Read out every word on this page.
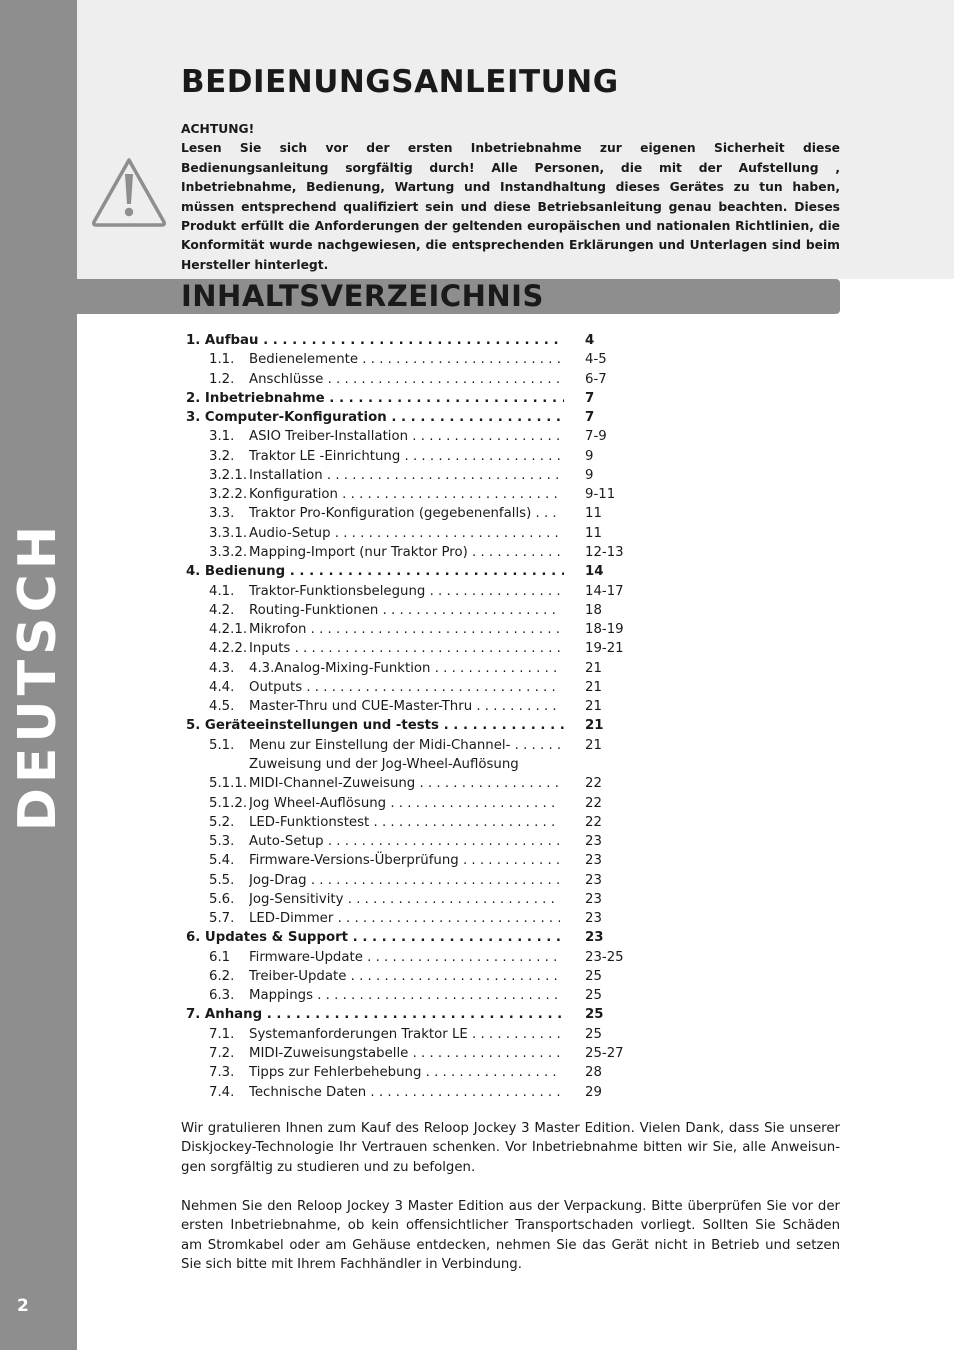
DEUTSCH
2
BEDIENUNGSANLEITUNG

ACHTUNG!

Lesen Sie sich vor der ersten Inbetriebnahme zur eigenen Sicherheit diese Bedienungsanleitung sorgfältig durch! Alle Personen, die mit der Aufstellung , Inbetriebnahme, Bedienung, Wartung und Instandhaltung dieses Gerätes zu tun haben, müssen entsprechend qualifiziert sein und diese Betriebsanleitung genau beachten. Dieses Produkt erfüllt die Anforderungen der geltenden europäischen und nationalen Richtlinien, die Konformität wurde nachgewiesen, die entsprechenden Erklärungen und Unterlagen sind beim Hersteller hinterlegt.

INHALTSVERZEICHNIS
1. Aufbau . . .	4
1.1. Bedienelemente . . .	4-5
1.2. Anschlüsse . . .	6-7
2. Inbetriebnahme . . .	7
3. Computer-Konfiguration . . .	7
3.1. ASIO Treiber-Installation . . .	7-9
3.2. Traktor LE -Einrichtung . . .	9
3.2.1. Installation . . .	9
3.2.2. Konfiguration . . .	9-11
3.3. Traktor Pro-Konfiguration (gegebenenfalls) . . .	11
3.3.1. Audio-Setup . . .	11
3.3.2. Mapping-Import (nur Traktor Pro) . . .	12-13
4. Bedienung . . .	14
4.1. Traktor-Funktionsbelegung . . .	14-17
4.2. Routing-Funktionen . . .	18
4.2.1. Mikrofon . . .	18-19
4.2.2. Inputs . . .	19-21
4.3. 4.3.Analog-Mixing-Funktion . . .	21
4.4. Outputs . . .	21
4.5. Master-Thru und CUE-Master-Thru . . .	21
5. Geräteeinstellungen und -tests . . .	21
5.1. Menu zur Einstellung der Midi-Channel- . . .	21
Zuweisung und der Jog-Wheel-Auflösung
5.1.1. MIDI-Channel-Zuweisung . . .	22
5.1.2. Jog Wheel-Auflösung . . .	22
5.2. LED-Funktionstest . . .	22
5.3. Auto-Setup . . .	23
5.4. Firmware-Versions-Überprüfung . . .	23
5.5. Jog-Drag . . .	23
5.6. Jog-Sensitivity . . .	23
5.7. LED-Dimmer . . .	23
6. Updates & Support . . .	23
6.1 Firmware-Update . . .	23-25
6.2. Treiber-Update . . .	25
6.3. Mappings . . .	25
7. Anhang . . .	25
7.1. Systemanforderungen Traktor LE . . .	25
7.2. MIDI-Zuweisungstabelle . . .	25-27
7.3. Tipps zur Fehlerbehebung . . .	28
7.4. Technische Daten . . .	29

Wir gratulieren Ihnen zum Kauf des Reloop Jockey 3 Master Edition. Vielen Dank, dass Sie unserer Diskjockey-Technologie Ihr Vertrauen schenken. Vor Inbetriebnahme bitten wir Sie, alle Anweisungen sorgfältig zu studieren und zu befolgen.

Nehmen Sie den Reloop Jockey 3 Master Edition aus der Verpackung. Bitte überprüfen Sie vor der ersten Inbetriebnahme, ob kein offensichtlicher Transportschaden vorliegt. Sollten Sie Schäden am Stromkabel oder am Gehäuse entdecken, nehmen Sie das Gerät nicht in Betrieb und setzen Sie sich bitte mit Ihrem Fachhändler in Verbindung.
